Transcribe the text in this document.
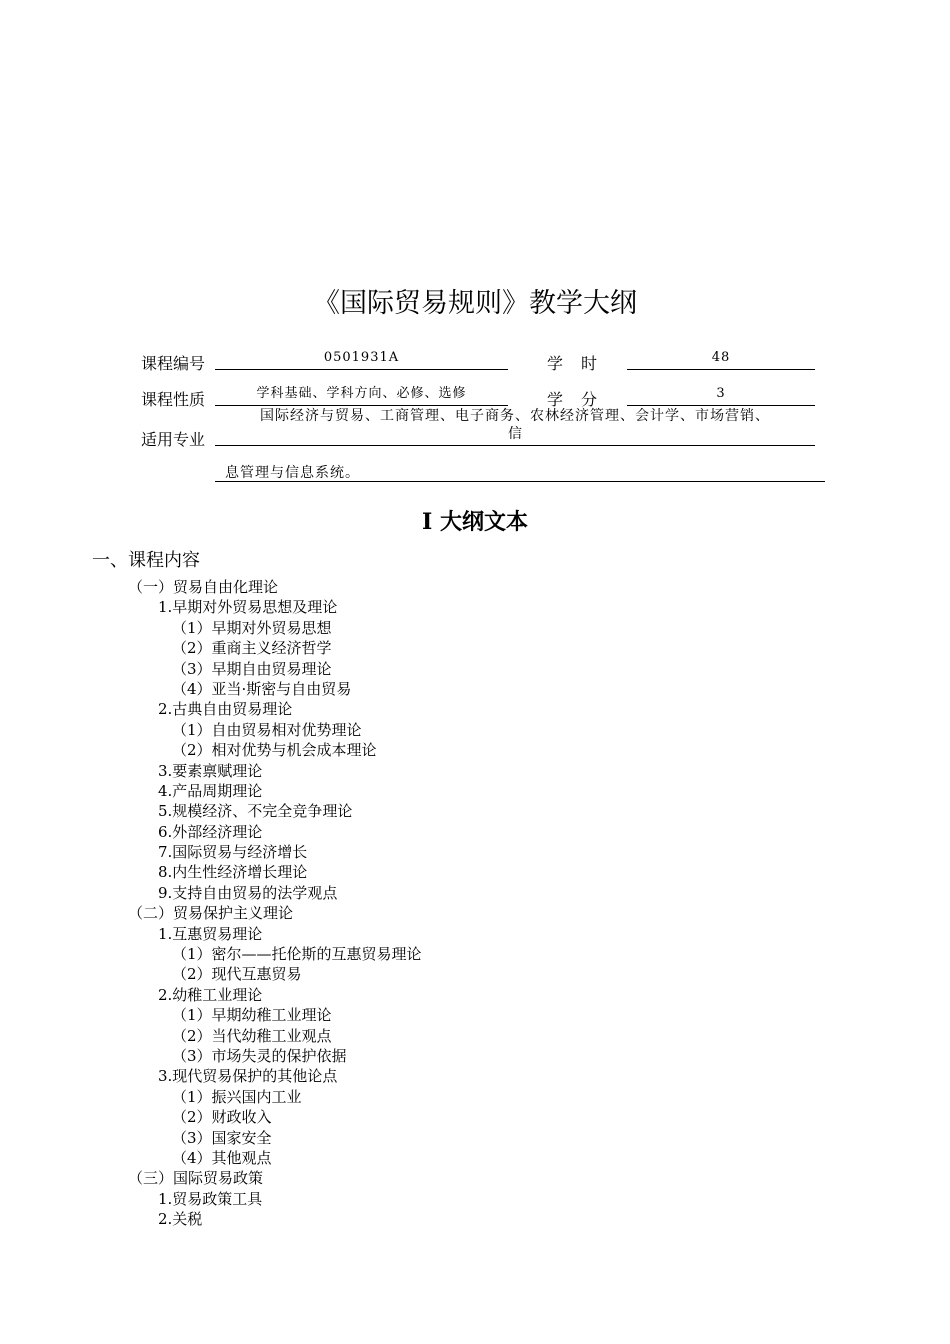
《国际贸易规则》教学大纲
课程编号	0501931A	学时	48
课程性质	学科基础、学科方向、必修、选修	学分	3
适用专业
国际经济与贸易、工商管理、电子商务、农林经济管理、会计学、市场营销、
信
息管理与信息系统。
I 大纲文本
一、课程内容
（一）贸易自由化理论
1.早期对外贸易思想及理论
（1）早期对外贸易思想
（2）重商主义经济哲学
（3）早期自由贸易理论
（4）亚当·斯密与自由贸易
2.古典自由贸易理论
（1）自由贸易相对优势理论
（2）相对优势与机会成本理论
3.要素禀赋理论
4.产品周期理论
5.规模经济、不完全竞争理论
6.外部经济理论
7.国际贸易与经济增长
8.内生性经济增长理论
9.支持自由贸易的法学观点
（二）贸易保护主义理论
1.互惠贸易理论
（1）密尔——托伦斯的互惠贸易理论
（2）现代互惠贸易
2.幼稚工业理论
（1）早期幼稚工业理论
（2）当代幼稚工业观点
（3）市场失灵的保护依据
3.现代贸易保护的其他论点
（1）振兴国内工业
（2）财政收入
（3）国家安全
（4）其他观点
（三）国际贸易政策
1.贸易政策工具
2.关税
